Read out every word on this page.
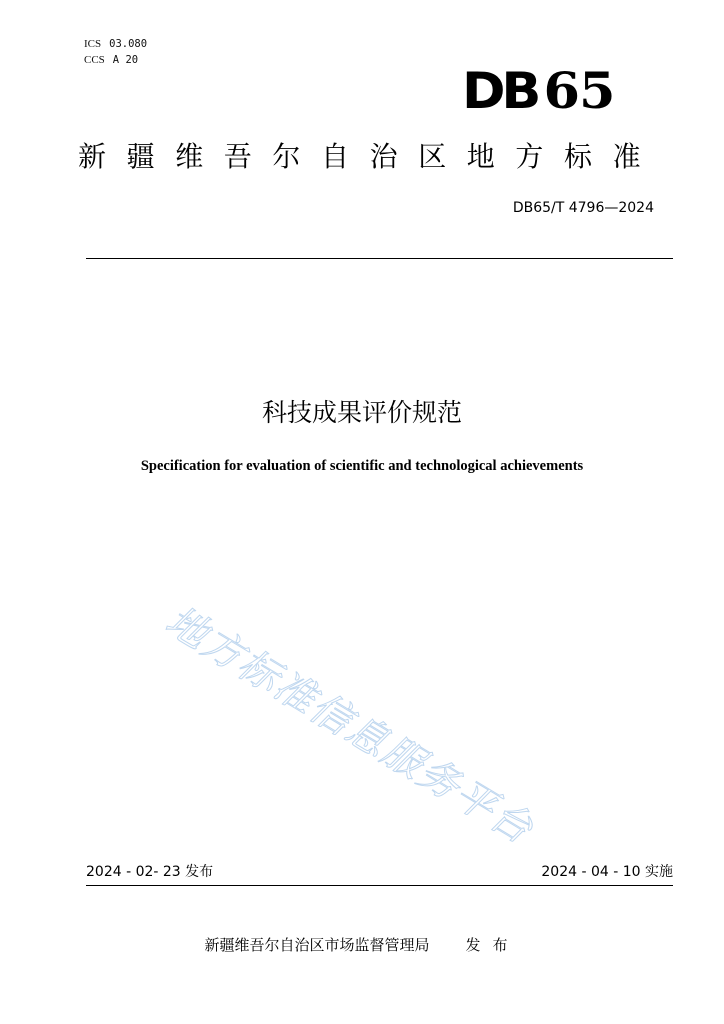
ICS 03.080
CCS A 20
DB 65
新疆维吾尔自治区地方标准
DB65/T 4796—2024
科技成果评价规范
Specification for evaluation of scientific and technological achievements
地方标准信息服务平台
2024 - 02- 23 发布	2024 - 04 - 10 实施
新疆维吾尔自治区市场监督管理局 发布
